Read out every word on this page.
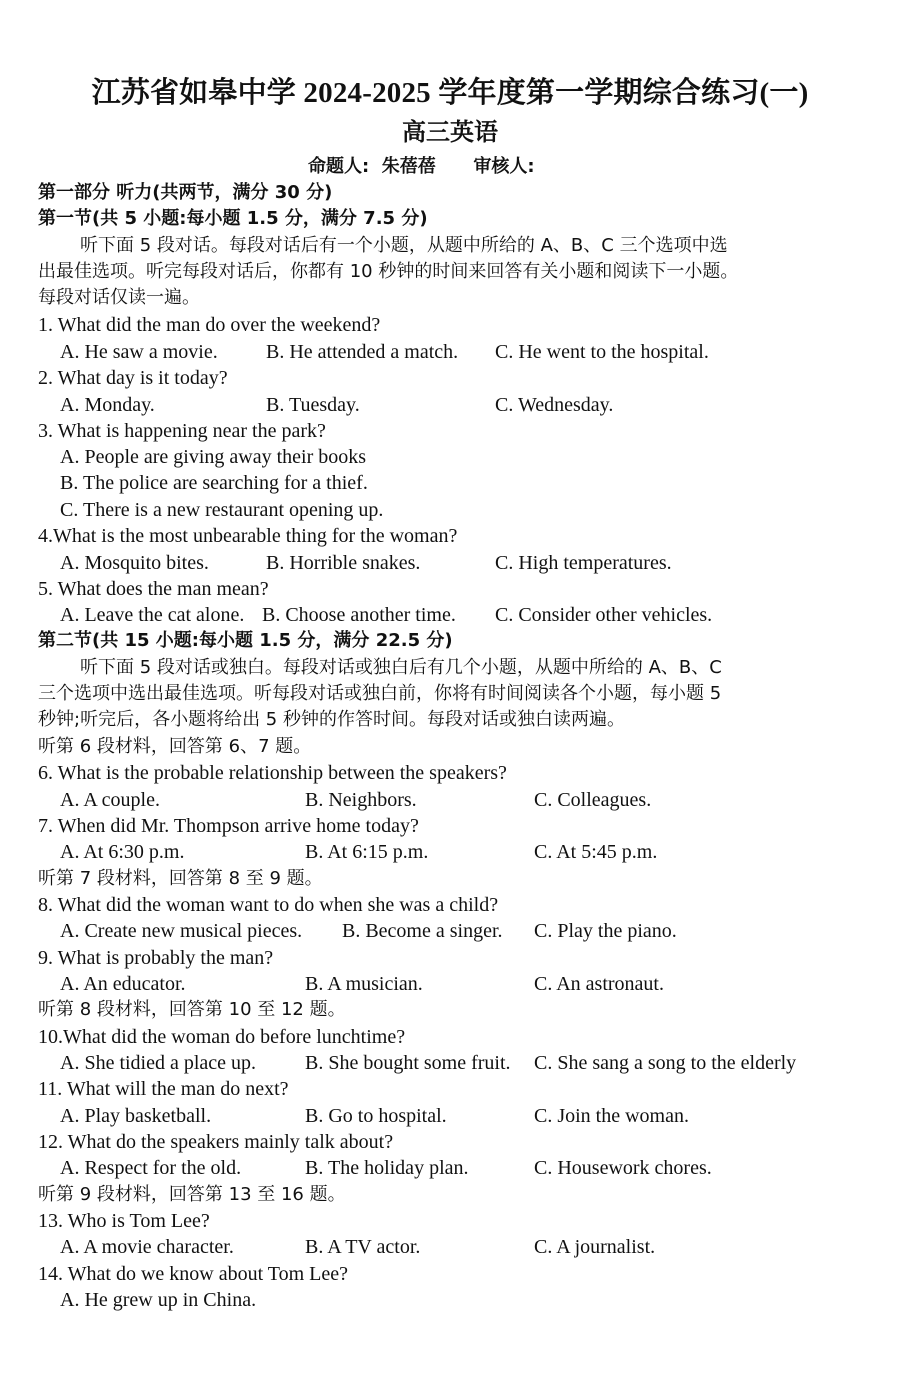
江苏省如皋中学 2024-2025 学年度第一学期综合练习(一)
高三英语
命题人:  朱蓓蓓      审核人:
第一部分 听力(共两节，满分 30 分)
第一节(共 5 小题:每小题 1.5 分，满分 7.5 分)
听下面 5 段对话。每段对话后有一个小题，从题中所给的 A、B、C 三个选项中选
出最佳选项。听完每段对话后，你都有 10 秒钟的时间来回答有关小题和阅读下一小题。
每段对话仅读一遍。
1. What did the man do over the weekend?
A. He saw a movie. B. He attended a match. C. He went to the hospital.
2. What day is it today?
A. Monday.	B. Tuesday.	C. Wednesday.
3. What is happening near the park?
A. People are giving away their books
B. The police are searching for a thief.
C. There is a new restaurant opening up.
4.What is the most unbearable thing for the woman?
A. Mosquito bites.	B. Horrible snakes.	C. High temperatures.
5. What does the man mean?
A. Leave the cat alone. B. Choose another time. C. Consider other vehicles.
第二节(共 15 小题:每小题 1.5 分，满分 22.5 分)
听下面 5 段对话或独白。每段对话或独白后有几个小题，从题中所给的 A、B、C
三个选项中选出最佳选项。听每段对话或独白前，你将有时间阅读各个小题，每小题 5
秒钟;听完后，各小题将给出 5 秒钟的作答时间。每段对话或独白读两遍。
听第 6 段材料，回答第 6、7 题。
6. What is the probable relationship between the speakers?
A. A couple.	B. Neighbors.	C. Colleagues.
7. When did Mr. Thompson arrive home today?
A. At 6:30 p.m.	B. At 6:15 p.m.	C. At 5:45 p.m.
听第 7 段材料，回答第 8 至 9 题。
8. What did the woman want to do when she was a child?
A. Create new musical pieces. B. Become a singer. C. Play the piano.
9. What is probably the man?
A. An educator.	B. A musician.	C. An astronaut.
听第 8 段材料，回答第 10 至 12 题。
10.What did the woman do before lunchtime?
A. She tidied a place up. B. She bought some fruit. C. She sang a song to the elderly
11. What will the man do next?
A. Play basketball.	B. Go to hospital.	C. Join the woman.
12. What do the speakers mainly talk about?
A. Respect for the old.	B. The holiday plan.	C. Housework chores.
听第 9 段材料，回答第 13 至 16 题。
13. Who is Tom Lee?
A. A movie character.	B. A TV actor.	C. A journalist.
14. What do we know about Tom Lee?
A. He grew up in China.
